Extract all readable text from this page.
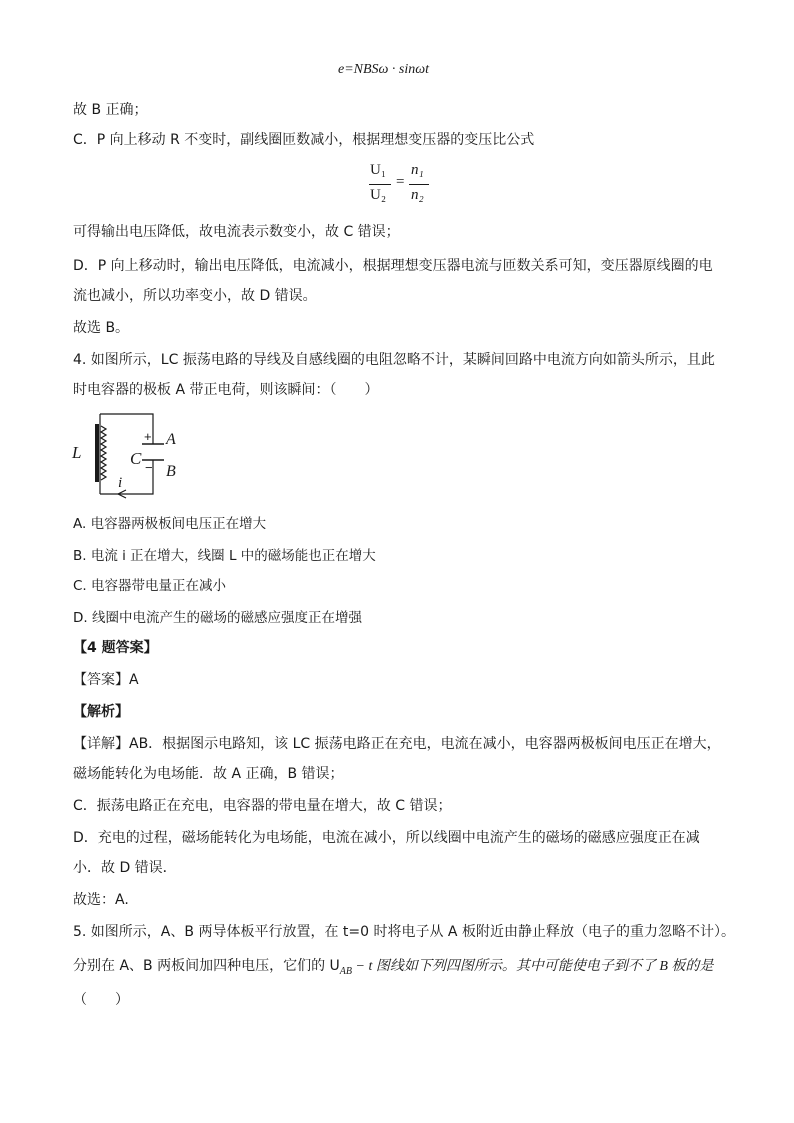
e=NBSω · sinωt
故 B 正确；
C．P 向上移动 R 不变时，副线圈匝数减小，根据理想变压器的变压比公式
U₁
U₂
=
n₁
n₂
可得输出电压降低，故电流表示数变小，故 C 错误；
D．P 向上移动时，输出电压降低，电流减小，根据理想变压器电流与匝数关系可知，变压器原线圈的电
流也减小，所以功率变小，故 D 错误。
故选 B。
4. 如图所示，LC 振荡电路的导线及自感线圈的电阻忽略不计，某瞬间回路中电流方向如箭头所示，且此
时电容器的极板 A 带正电荷，则该瞬间：（　　）
L	C
A
B
+
−
i
A. 电容器两极板间电压正在增大
B. 电流 i 正在增大，线圈 L 中的磁场能也正在增大
C. 电容器带电量正在减小
D. 线圈中电流产生的磁场的磁感应强度正在增强
【4 题答案】
【答案】A
【解析】
【详解】AB．根据图示电路知，该 LC 振荡电路正在充电，电流在减小，电容器两极板间电压正在增大，
磁场能转化为电场能．故 A 正确，B 错误；
C．振荡电路正在充电，电容器的带电量在增大，故 C 错误；
D．充电的过程，磁场能转化为电场能，电流在减小，所以线圈中电流产生的磁场的磁感应强度正在减
小．故 D 错误．
故选：A.
5. 如图所示，A、B 两导体板平行放置，在 t=0 时将电子从 A 板附近由静止释放（电子的重力忽略不计）。
分别在 A、B 两板间加四种电压，它们的 $U_{AB} - t$ 图线如下列四图所示。其中可能使电子到不了 B 板的是
（　　）
